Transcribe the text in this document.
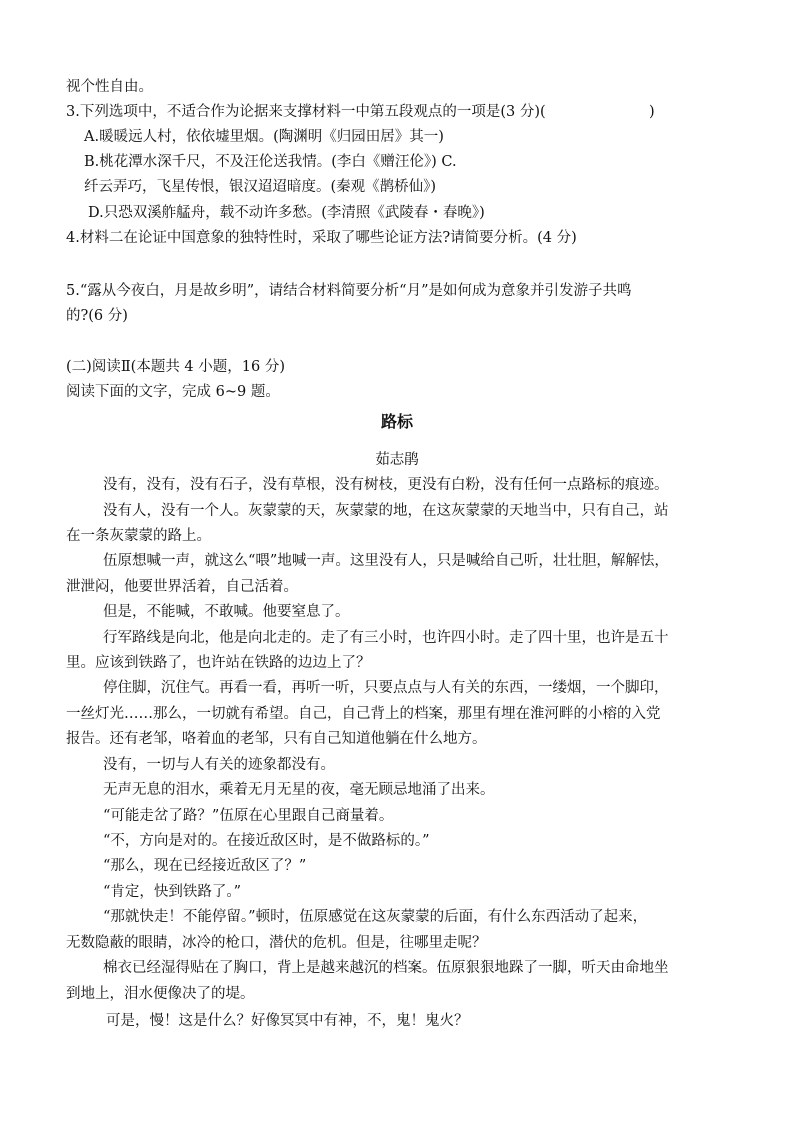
视个性自由。
3.下列选项中，不适合作为论据来支撑材料一中第五段观点的一项是(3 分)(	)
A.暖暖远人村，依依墟里烟。(陶渊明《归园田居》其一)
B.桃花潭水深千尺，不及汪伦送我情。(李白《赠汪伦》) C.
纤云弄巧，飞星传恨，银汉迢迢暗度。(秦观《鹊桥仙》)
D.只恐双溪舴艋舟，载不动许多愁。(李清照《武陵春・春晚》)
4.材料二在论证中国意象的独特性时，采取了哪些论证方法?请简要分析。(4 分)
5.“露从今夜白，月是故乡明”，请结合材料简要分析“月”是如何成为意象并引发游子共鸣
的?(6 分)
(二)阅读Ⅱ(本题共 4 小题，16 分)
阅读下面的文字，完成 6~9 题。
路标
茹志鹃
没有，没有，没有石子，没有草根，没有树枝，更没有白粉，没有任何一点路标的痕迹。
没有人，没有一个人。灰蒙蒙的天，灰蒙蒙的地，在这灰蒙蒙的天地当中，只有自己，站
在一条灰蒙蒙的路上。
伍原想喊一声，就这么“喂”地喊一声。这里没有人，只是喊给自己听，壮壮胆，解解怯，
泄泄闷，他要世界活着，自己活着。
但是，不能喊，不敢喊。他要窒息了。
行军路线是向北，他是向北走的。走了有三小时，也许四小时。走了四十里，也许是五十
里。应该到铁路了，也许站在铁路的边边上了？
停住脚，沉住气。再看一看，再听一听，只要点点与人有关的东西，一缕烟，一个脚印，
一丝灯光……那么，一切就有希望。自己，自己背上的档案，那里有埋在淮河畔的小榕的入党
报告。还有老邹，咯着血的老邹，只有自己知道他躺在什么地方。
没有，一切与人有关的迹象都没有。
无声无息的泪水，乘着无月无星的夜，毫无顾忌地涌了出来。
“可能走岔了路？”伍原在心里跟自己商量着。
“不，方向是对的。在接近敌区时，是不做路标的。”
“那么，现在已经接近敌区了？”
“肯定，快到铁路了。”
“那就快走！不能停留。”顿时，伍原感觉在这灰蒙蒙的后面，有什么东西活动了起来，
无数隐蔽的眼睛，冰冷的枪口，潜伏的危机。但是，往哪里走呢？
棉衣已经湿得贴在了胸口，背上是越来越沉的档案。伍原狠狠地跺了一脚，听天由命地坐
到地上，泪水便像决了的堤。
可是，慢！这是什么？好像冥冥中有神，不，鬼！鬼火？
